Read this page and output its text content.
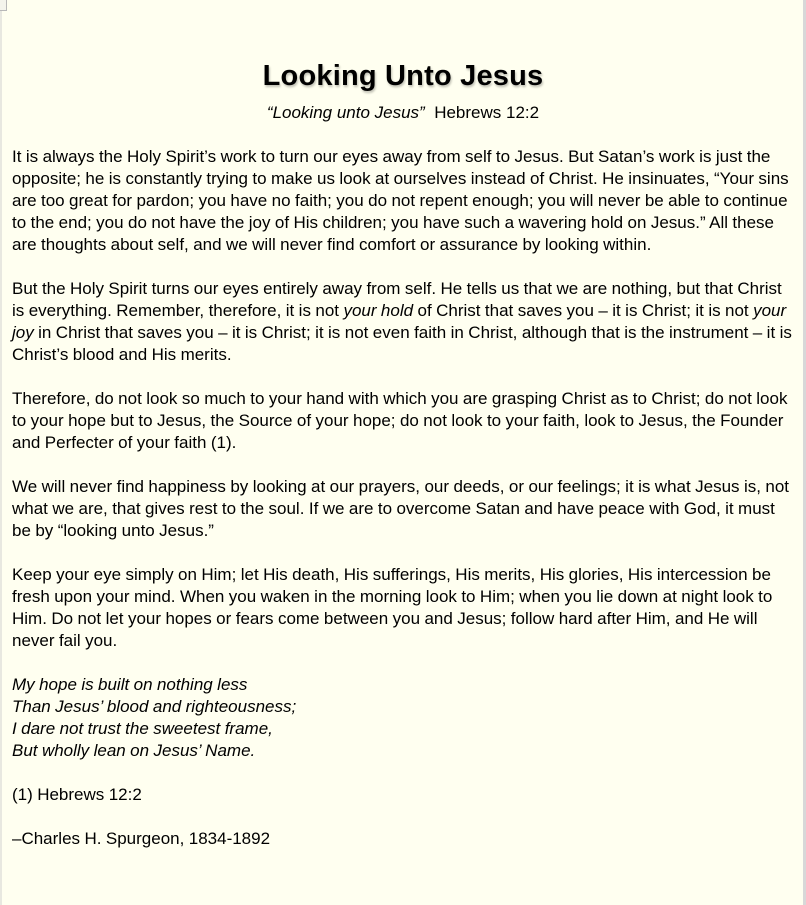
Looking Unto Jesus
“Looking unto Jesus” Hebrews 12:2

It is always the Holy Spirit’s work to turn our eyes away from self to Jesus. But Satan’s work is just the opposite; he is constantly trying to make us look at ourselves instead of Christ. He insinuates, “Your sins are too great for pardon; you have no faith; you do not repent enough; you will never be able to continue to the end; you do not have the joy of His children; you have such a wavering hold on Jesus.” All these are thoughts about self, and we will never find comfort or assurance by looking within.

But the Holy Spirit turns our eyes entirely away from self. He tells us that we are nothing, but that Christ is everything. Remember, therefore, it is not your hold of Christ that saves you – it is Christ; it is not your joy in Christ that saves you – it is Christ; it is not even faith in Christ, although that is the instrument – it is Christ’s blood and His merits.

Therefore, do not look so much to your hand with which you are grasping Christ as to Christ; do not look to your hope but to Jesus, the Source of your hope; do not look to your faith, look to Jesus, the Founder and Perfecter of your faith (1).

We will never find happiness by looking at our prayers, our deeds, or our feelings; it is what Jesus is, not what we are, that gives rest to the soul. If we are to overcome Satan and have peace with God, it must be by “looking unto Jesus.”

Keep your eye simply on Him; let His death, His sufferings, His merits, His glories, His intercession be fresh upon your mind. When you waken in the morning look to Him; when you lie down at night look to Him. Do not let your hopes or fears come between you and Jesus; follow hard after Him, and He will never fail you.

My hope is built on nothing less
Than Jesus’ blood and righteousness;
I dare not trust the sweetest frame,
But wholly lean on Jesus’ Name.

(1) Hebrews 12:2

–Charles H. Spurgeon, 1834-1892
